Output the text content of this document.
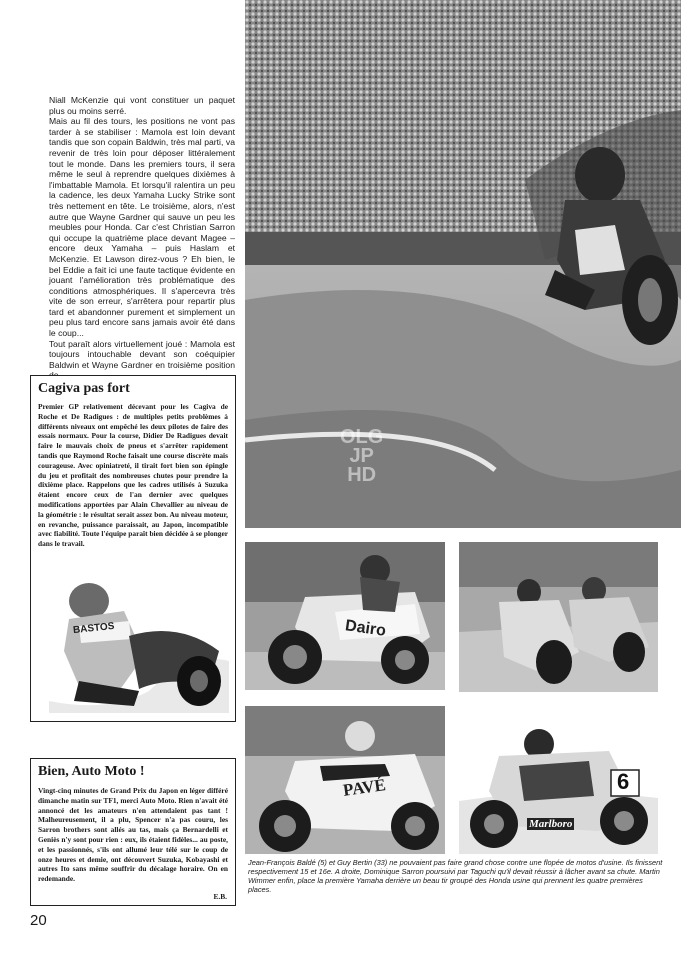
Niall McKenzie qui vont constituer un paquet plus ou moins serré.

Mais au fil des tours, les positions ne vont pas tarder à se stabiliser : Mamola est loin devant tandis que son copain Baldwin, très mal parti, va revenir de très loin pour déposer littéralement tout le monde. Dans les premiers tours, il sera même le seul à reprendre quelques dixièmes à l'imbattable Mamola. Et lorsqu'il ralentira un peu la cadence, les deux Yamaha Lucky Strike sont très nettement en tête. Le troisième, alors, n'est autre que Wayne Gardner qui sauve un peu les meubles pour Honda. Car c'est Christian Sarron qui occupe la quatrième place devant Magee – encore deux Yamaha – puis Haslam et McKenzie. Et Lawson direz-vous ? Eh bien, le bel Eddie a fait ici une faute tactique évidente en jouant l'amélioration très problématique des conditions atmosphériques. Il s'apercevra très vite de son erreur, s'arrêtera pour repartir plus tard et abandonner purement et simplement un peu plus tard encore sans jamais avoir été dans le coup...

Tout paraît alors virtuellement joué : Mamola est toujours intouchable devant son coéquipier Baldwin et Wayne Gardner en troisième position

OLG
JP
HD
Cagiva pas fort
Premier GP relativement décevant pour les Cagiva de Roche et De Radigues : de multiples petits problèmes à différents niveaux ont empêché les deux pilotes de faire des essais normaux. Pour la course, Didier De Radigues devait faire le mauvais choix de pneus et s'arrêter rapidement tandis que Raymond Roche faisait une course discrète mais courageuse. Avec opiniatreté, il tirait fort bien son épingle du jeu et profitait des nombreuses chutes pour prendre la dixième place. Rappelons que les cadres utilisés à Suzuka étaient encore ceux de l'an dernier avec quelques modifications apportées par Alain Chevallier au niveau de la géométrie : le résultat serait assez bon. Au niveau moteur, en revanche, puissance paraissait, au Japon, incompatible avec fiabilité. Toute l'équipe paraît bien décidée à se plonger dans le travail.
BASTOS
Bien, Auto Moto !
Vingt-cinq minutes de Grand Prix du Japon en léger différé dimanche matin sur TF1, merci Auto Moto. Rien n'avait été annoncé det les amateurs n'en attendaient pas tant ! Malheureusement, il a plu, Spencer n'a pas couru, les Sarron brothers sont allés au tas, mais ça Bernardelli et Geniès n'y sont pour rien : eux, ils étaient fidèles... au poste, et les passionnés, s'ils ont allumé leur télé sur le coup de onze heures et demie, ont découvert Suzuka, Kobayashi et autres Ito sans même souffrir du décalage horaire. On en redemande.
E.B.
Dairo
PAVÉ	6
Marlboro
Jean-François Baldé (5) et Guy Bertin (33) ne pouvaient pas faire grand chose contre une flopée de motos d'usine. Ils finissent respectivement 15 et 16e. A droite, Dominique Sarron poursuivi par Taguchi qu'il devait réussir à lâcher avant sa chute. Martin Wimmer enfin, place la première Yamaha derrière un beau tir groupé des Honda usine qui prennent les quatre premières places.
20
